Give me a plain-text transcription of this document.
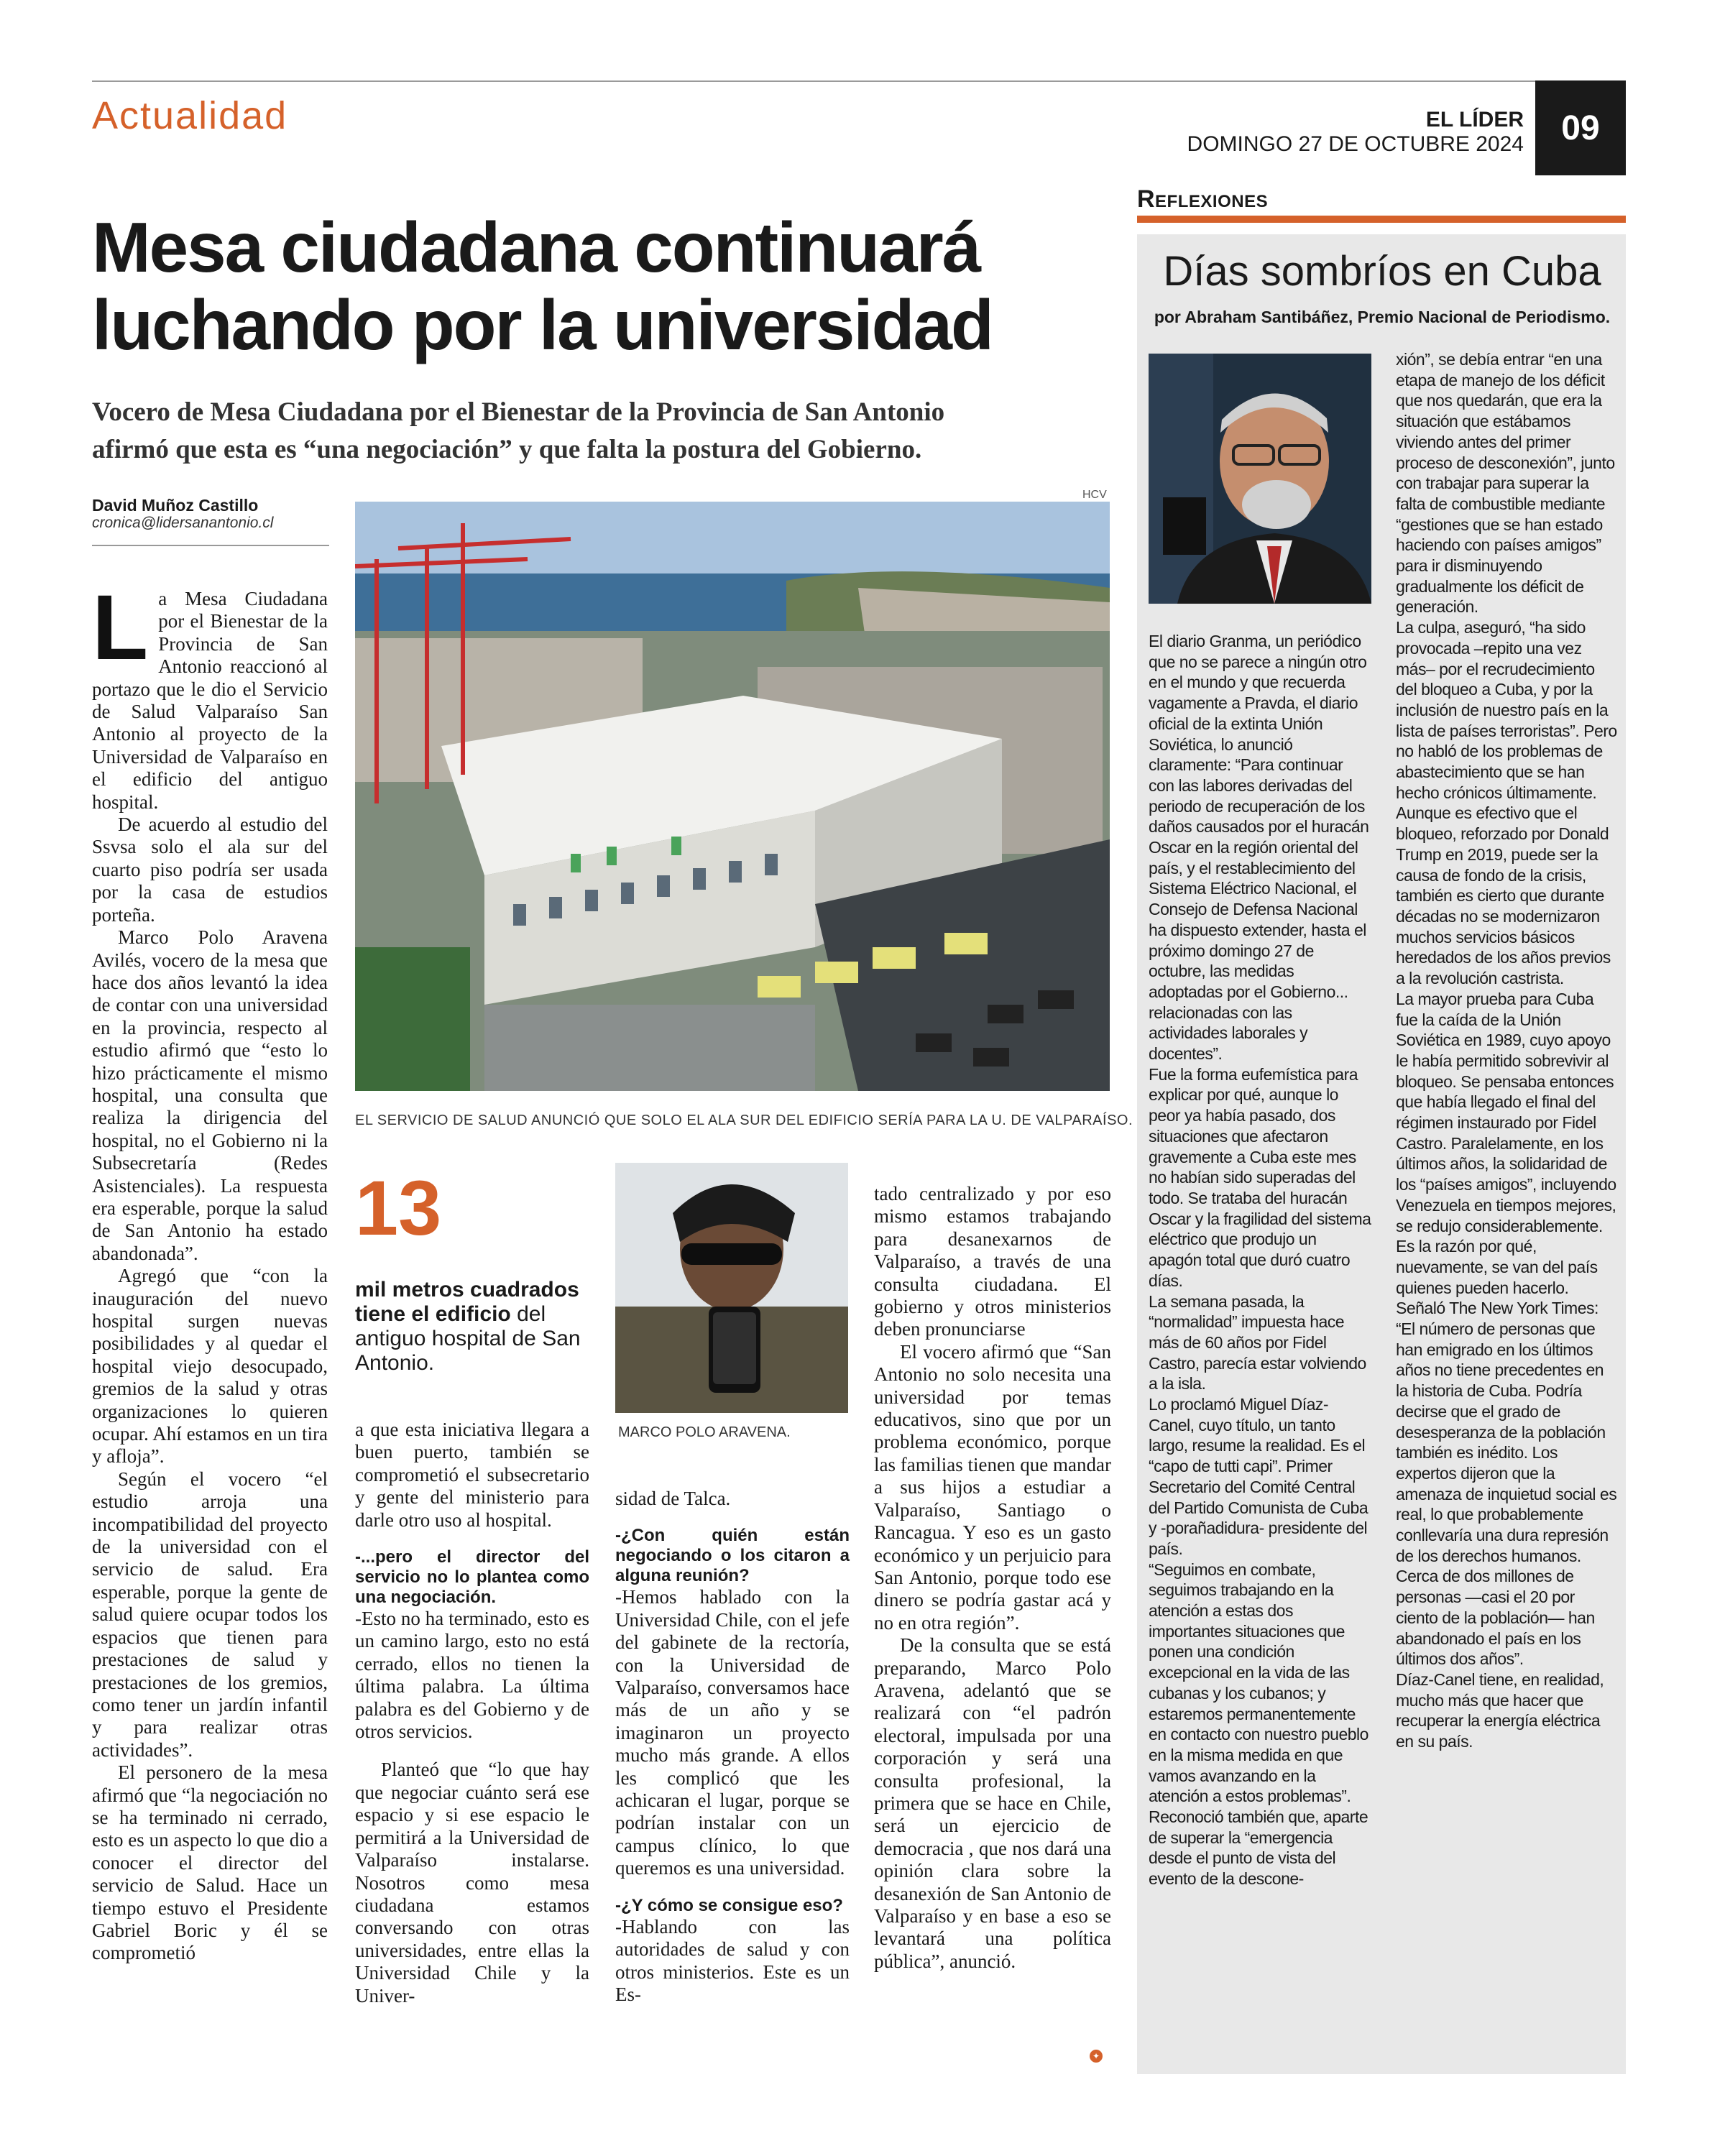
Actualidad	EL LÍDER
DOMINGO 27 DE OCTUBRE 2024	09
Mesa ciudadana continuará
luchando por la universidad
Vocero de Mesa Ciudadana por el Bienestar de la Provincia de San Antonio
afirmó que esta es “una negociación” y que falta la postura del Gobierno.
David Muñoz Castillo
cronica@lidersanantonio.cl
L a Mesa Ciudadana por el Bienestar de la Provincia de San Antonio reaccionó al portazo que le dio el Servicio de Salud Valparaíso San Antonio al proyecto de la Universidad de Valparaíso en el edificio del antiguo hospital.

De acuerdo al estudio del Ssvsa solo el ala sur del cuarto piso podría ser usada por la casa de estudios porteña.

Marco Polo Aravena Avilés, vocero de la mesa que hace dos años levantó la idea de contar con una universidad en la provincia, respecto al estudio afirmó que “esto lo hizo prácticamente el mismo hospital, una consulta que realiza la dirigencia del hospital, no el Gobierno ni la Subsecretaría (Redes Asistenciales). La respuesta era esperable, porque la salud de San Antonio ha estado abandonada”.

Agregó que “con la inauguración del nuevo hospital surgen nuevas posibilidades y al quedar el hospital viejo desocupado, gremios de la salud y otras organizaciones lo quieren ocupar. Ahí estamos en un tira y afloja”.

Según el vocero “el estudio arroja una incompatibilidad del proyecto de la universidad con el servicio de salud. Era esperable, porque la gente de salud quiere ocupar todos los espacios que tienen para prestaciones de salud y prestaciones de los gremios, como tener un jardín infantil y para realizar otras actividades”.

El personero de la mesa afirmó que “la negociación no se ha terminado ni cerrado, esto es un aspecto lo que dio a conocer el director del servicio de Salud. Hace un tiempo estuvo el Presidente Gabriel Boric y él se comprometió

HCV
EL SERVICIO DE SALUD ANUNCIÓ QUE SOLO EL ALA SUR DEL EDIFICIO SERÍA PARA LA U. DE VALPARAÍSO.
13
mil metros cuadrados tiene el edificio del antiguo hospital de San Antonio.

a que esta iniciativa llegara a buen puerto, también se comprometió el subsecretario y gente del ministerio para darle otro uso al hospital.

-...pero el director del servicio no lo plantea como una negociación.

-Esto no ha terminado, esto es un camino largo, esto no está cerrado, ellos no tienen la última palabra. La última palabra es del Gobierno y de otros servicios.

Planteó que “lo que hay que negociar cuánto será ese espacio y si ese espacio le permitirá a la Universidad de Valparaíso instalarse. Nosotros como mesa ciudadana estamos conversando con otras universidades, entre ellas la Universidad Chile y la Univer-

MARCO POLO ARAVENA.

sidad de Talca.

-¿Con quién están negociando o los citaron a alguna reunión?

-Hemos hablado con la Universidad Chile, con el jefe del gabinete de la rectoría, con la Universidad de Valparaíso, conversamos hace más de un año y se imaginaron un proyecto mucho más grande. A ellos les complicó que les achicaran el lugar, porque se podrían instalar con un campus clínico, lo que queremos es una universidad.

-¿Y cómo se consigue eso?

-Hablando con las autoridades de salud y con otros ministerios. Este es un Es-

tado centralizado y por eso mismo estamos trabajando para desanexarnos de Valparaíso, a través de una consulta ciudadana. El gobierno y otros ministerios deben pronunciarse

El vocero afirmó que “San Antonio no solo necesita una universidad por temas educativos, sino que por un problema económico, porque las familias tienen que mandar a sus hijos a estudiar a Valparaíso, Santiago o Rancagua. Y eso es un gasto económico y un perjuicio para San Antonio, porque todo ese dinero se podría gastar acá y no en otra región”.

De la consulta que se está preparando, Marco Polo Aravena, adelantó que se realizará con “el padrón electoral, impulsada por una corporación y será una consulta profesional, la primera que se hace en Chile, será un ejercicio de democracia , que nos dará una opinión clara sobre la desanexión de San Antonio de Valparaíso y en base a eso se levantará una política pública”, anunció.

✦
Reflexiones
Días sombríos en Cuba
por Abraham Santibáñez, Premio Nacional de Periodismo.

El diario Granma, un periódico que no se parece a ningún otro en el mundo y que recuerda vagamente a Pravda, el diario oficial de la extinta Unión Soviética, lo anunció claramente: “Para continuar con las labores derivadas del periodo de recuperación de los daños causados por el huracán Oscar en la región oriental del país, y el restablecimiento del Sistema Eléctrico Nacional, el Consejo de Defensa Nacional ha dispuesto extender, hasta el próximo domingo 27 de octubre, las medidas adoptadas por el Gobierno... relacionadas con las actividades laborales y docentes”.

Fue la forma eufemística para explicar por qué, aunque lo peor ya había pasado, dos situaciones que afectaron gravemente a Cuba este mes no habían sido superadas del todo. Se trataba del huracán Oscar y la fragilidad del sistema eléctrico que produjo un apagón total que duró cuatro días.

La semana pasada, la “normalidad” impuesta hace más de 60 años por Fidel Castro, parecía estar volviendo a la isla.

Lo proclamó Miguel Díaz-Canel, cuyo título, un tanto largo, resume la realidad. Es el “capo de tutti capi”. Primer Secretario del Comité Central del Partido Comunista de Cuba y -porañadidura- presidente del país.

“Seguimos en combate, seguimos trabajando en la atención a estas dos importantes situaciones que ponen una condición excepcional en la vida de las cubanas y los cubanos; y estaremos permanentemente en contacto con nuestro pueblo en la misma medida en que vamos avanzando en la atención a estos problemas”.

Reconoció también que, aparte de superar la “emergencia desde el punto de vista del evento de la descone-

xión”, se debía entrar “en una etapa de manejo de los déficit que nos quedarán, que era la situación que estábamos viviendo antes del primer proceso de desconexión”, junto con trabajar para superar la falta de combustible mediante “gestiones que se han estado haciendo con países amigos” para ir disminuyendo gradualmente los déficit de generación.

La culpa, aseguró, “ha sido provocada –repito una vez más– por el recrudecimiento del bloqueo a Cuba, y por la inclusión de nuestro país en la lista de países terroristas”. Pero no habló de los problemas de abastecimiento que se han hecho crónicos últimamente.

Aunque es efectivo que el bloqueo, reforzado por Donald Trump en 2019, puede ser la causa de fondo de la crisis, también es cierto que durante décadas no se modernizaron muchos servicios básicos heredados de los años previos a la revolución castrista.

La mayor prueba para Cuba fue la caída de la Unión Soviética en 1989, cuyo apoyo le había permitido sobrevivir al bloqueo. Se pensaba entonces que había llegado el final del régimen instaurado por Fidel Castro. Paralelamente, en los últimos años, la solidaridad de los “países amigos”, incluyendo Venezuela en tiempos mejores, se redujo considerablemente.

Es la razón por qué, nuevamente, se van del país quienes pueden hacerlo. Señaló The New York Times:

“El número de personas que han emigrado en los últimos años no tiene precedentes en la historia de Cuba. Podría decirse que el grado de desesperanza de la población también es inédito. Los expertos dijeron que la amenaza de inquietud social es real, lo que probablemente conllevaría una dura represión de los derechos humanos. Cerca de dos millones de personas —casi el 20 por ciento de la población— han abandonado el país en los últimos dos años”.

Díaz-Canel tiene, en realidad, mucho más que hacer que recuperar la energía eléctrica en su país.
